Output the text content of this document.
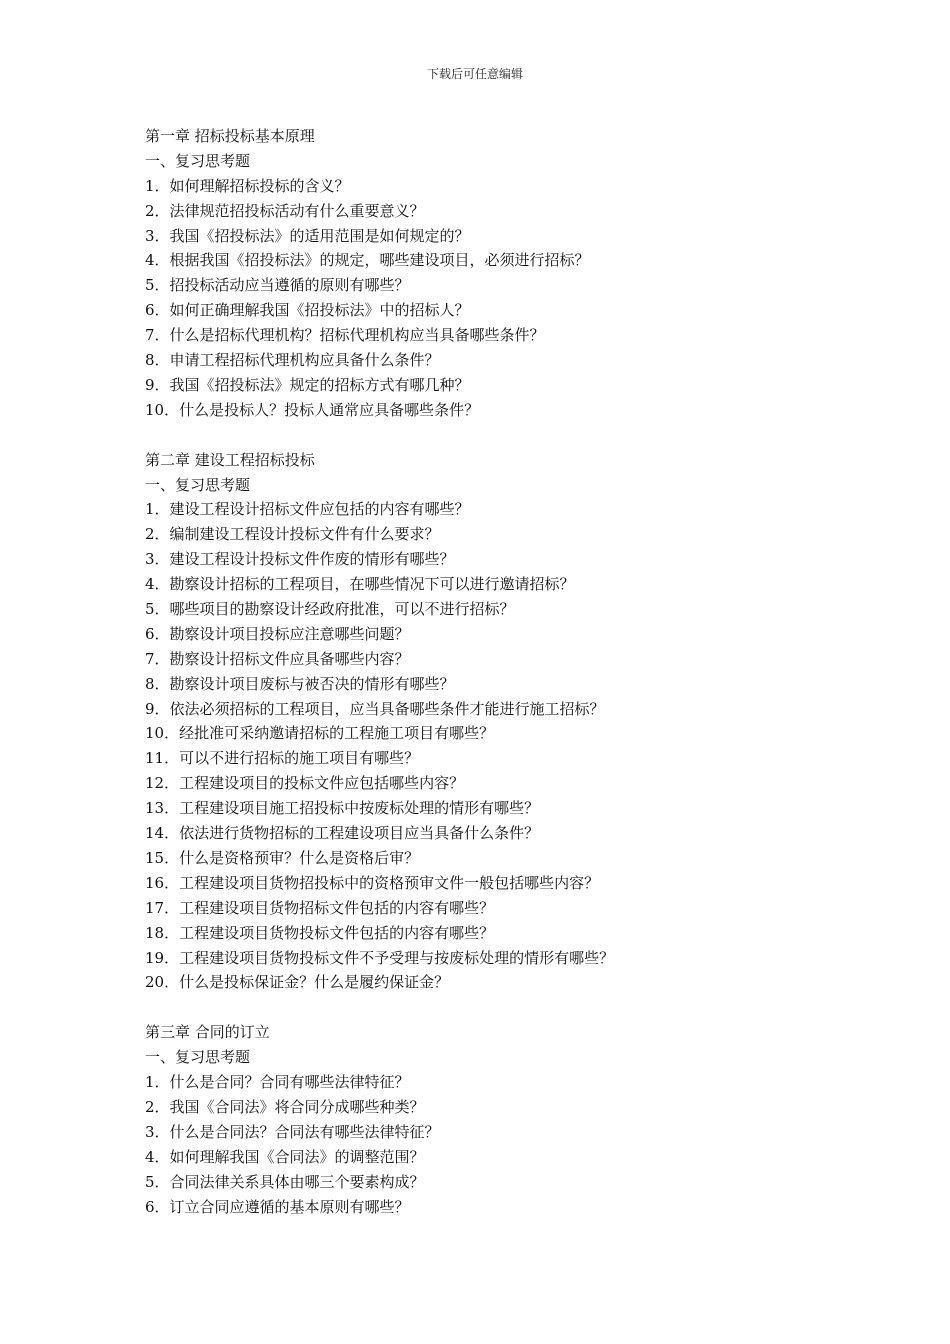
下载后可任意编辑
第一章 招标投标基本原理
一、复习思考题
1．如何理解招标投标的含义？
2．法律规范招投标活动有什么重要意义？
3．我国《招投标法》的适用范围是如何规定的？
4．根据我国《招投标法》的规定，哪些建设项目，必须进行招标？
5．招投标活动应当遵循的原则有哪些？
6．如何正确理解我国《招投标法》中的招标人？
7．什么是招标代理机构？招标代理机构应当具备哪些条件？
8．申请工程招标代理机构应具备什么条件？
9．我国《招投标法》规定的招标方式有哪几种？
10．什么是投标人？投标人通常应具备哪些条件？
第二章 建设工程招标投标
一、复习思考题
1．建设工程设计招标文件应包括的内容有哪些？
2．编制建设工程设计投标文件有什么要求？
3．建设工程设计投标文件作废的情形有哪些？
4．勘察设计招标的工程项目，在哪些情况下可以进行邀请招标？
5．哪些项目的勘察设计经政府批准，可以不进行招标？
6．勘察设计项目投标应注意哪些问题？
7．勘察设计招标文件应具备哪些内容？
8．勘察设计项目废标与被否决的情形有哪些？
9．依法必须招标的工程项目，应当具备哪些条件才能进行施工招标？
10．经批准可采纳邀请招标的工程施工项目有哪些？
11．可以不进行招标的施工项目有哪些？
12．工程建设项目的投标文件应包括哪些内容？
13．工程建设项目施工招投标中按废标处理的情形有哪些？
14．依法进行货物招标的工程建设项目应当具备什么条件？
15．什么是资格预审？什么是资格后审？
16．工程建设项目货物招投标中的资格预审文件一般包括哪些内容？
17．工程建设项目货物招标文件包括的内容有哪些？
18．工程建设项目货物投标文件包括的内容有哪些？
19．工程建设项目货物投标文件不予受理与按废标处理的情形有哪些？
20．什么是投标保证金？什么是履约保证金？
第三章 合同的订立
一、复习思考题
1．什么是合同？合同有哪些法律特征？
2．我国《合同法》将合同分成哪些种类？
3．什么是合同法？合同法有哪些法律特征？
4．如何理解我国《合同法》的调整范围？
5．合同法律关系具体由哪三个要素构成？
6．订立合同应遵循的基本原则有哪些？
